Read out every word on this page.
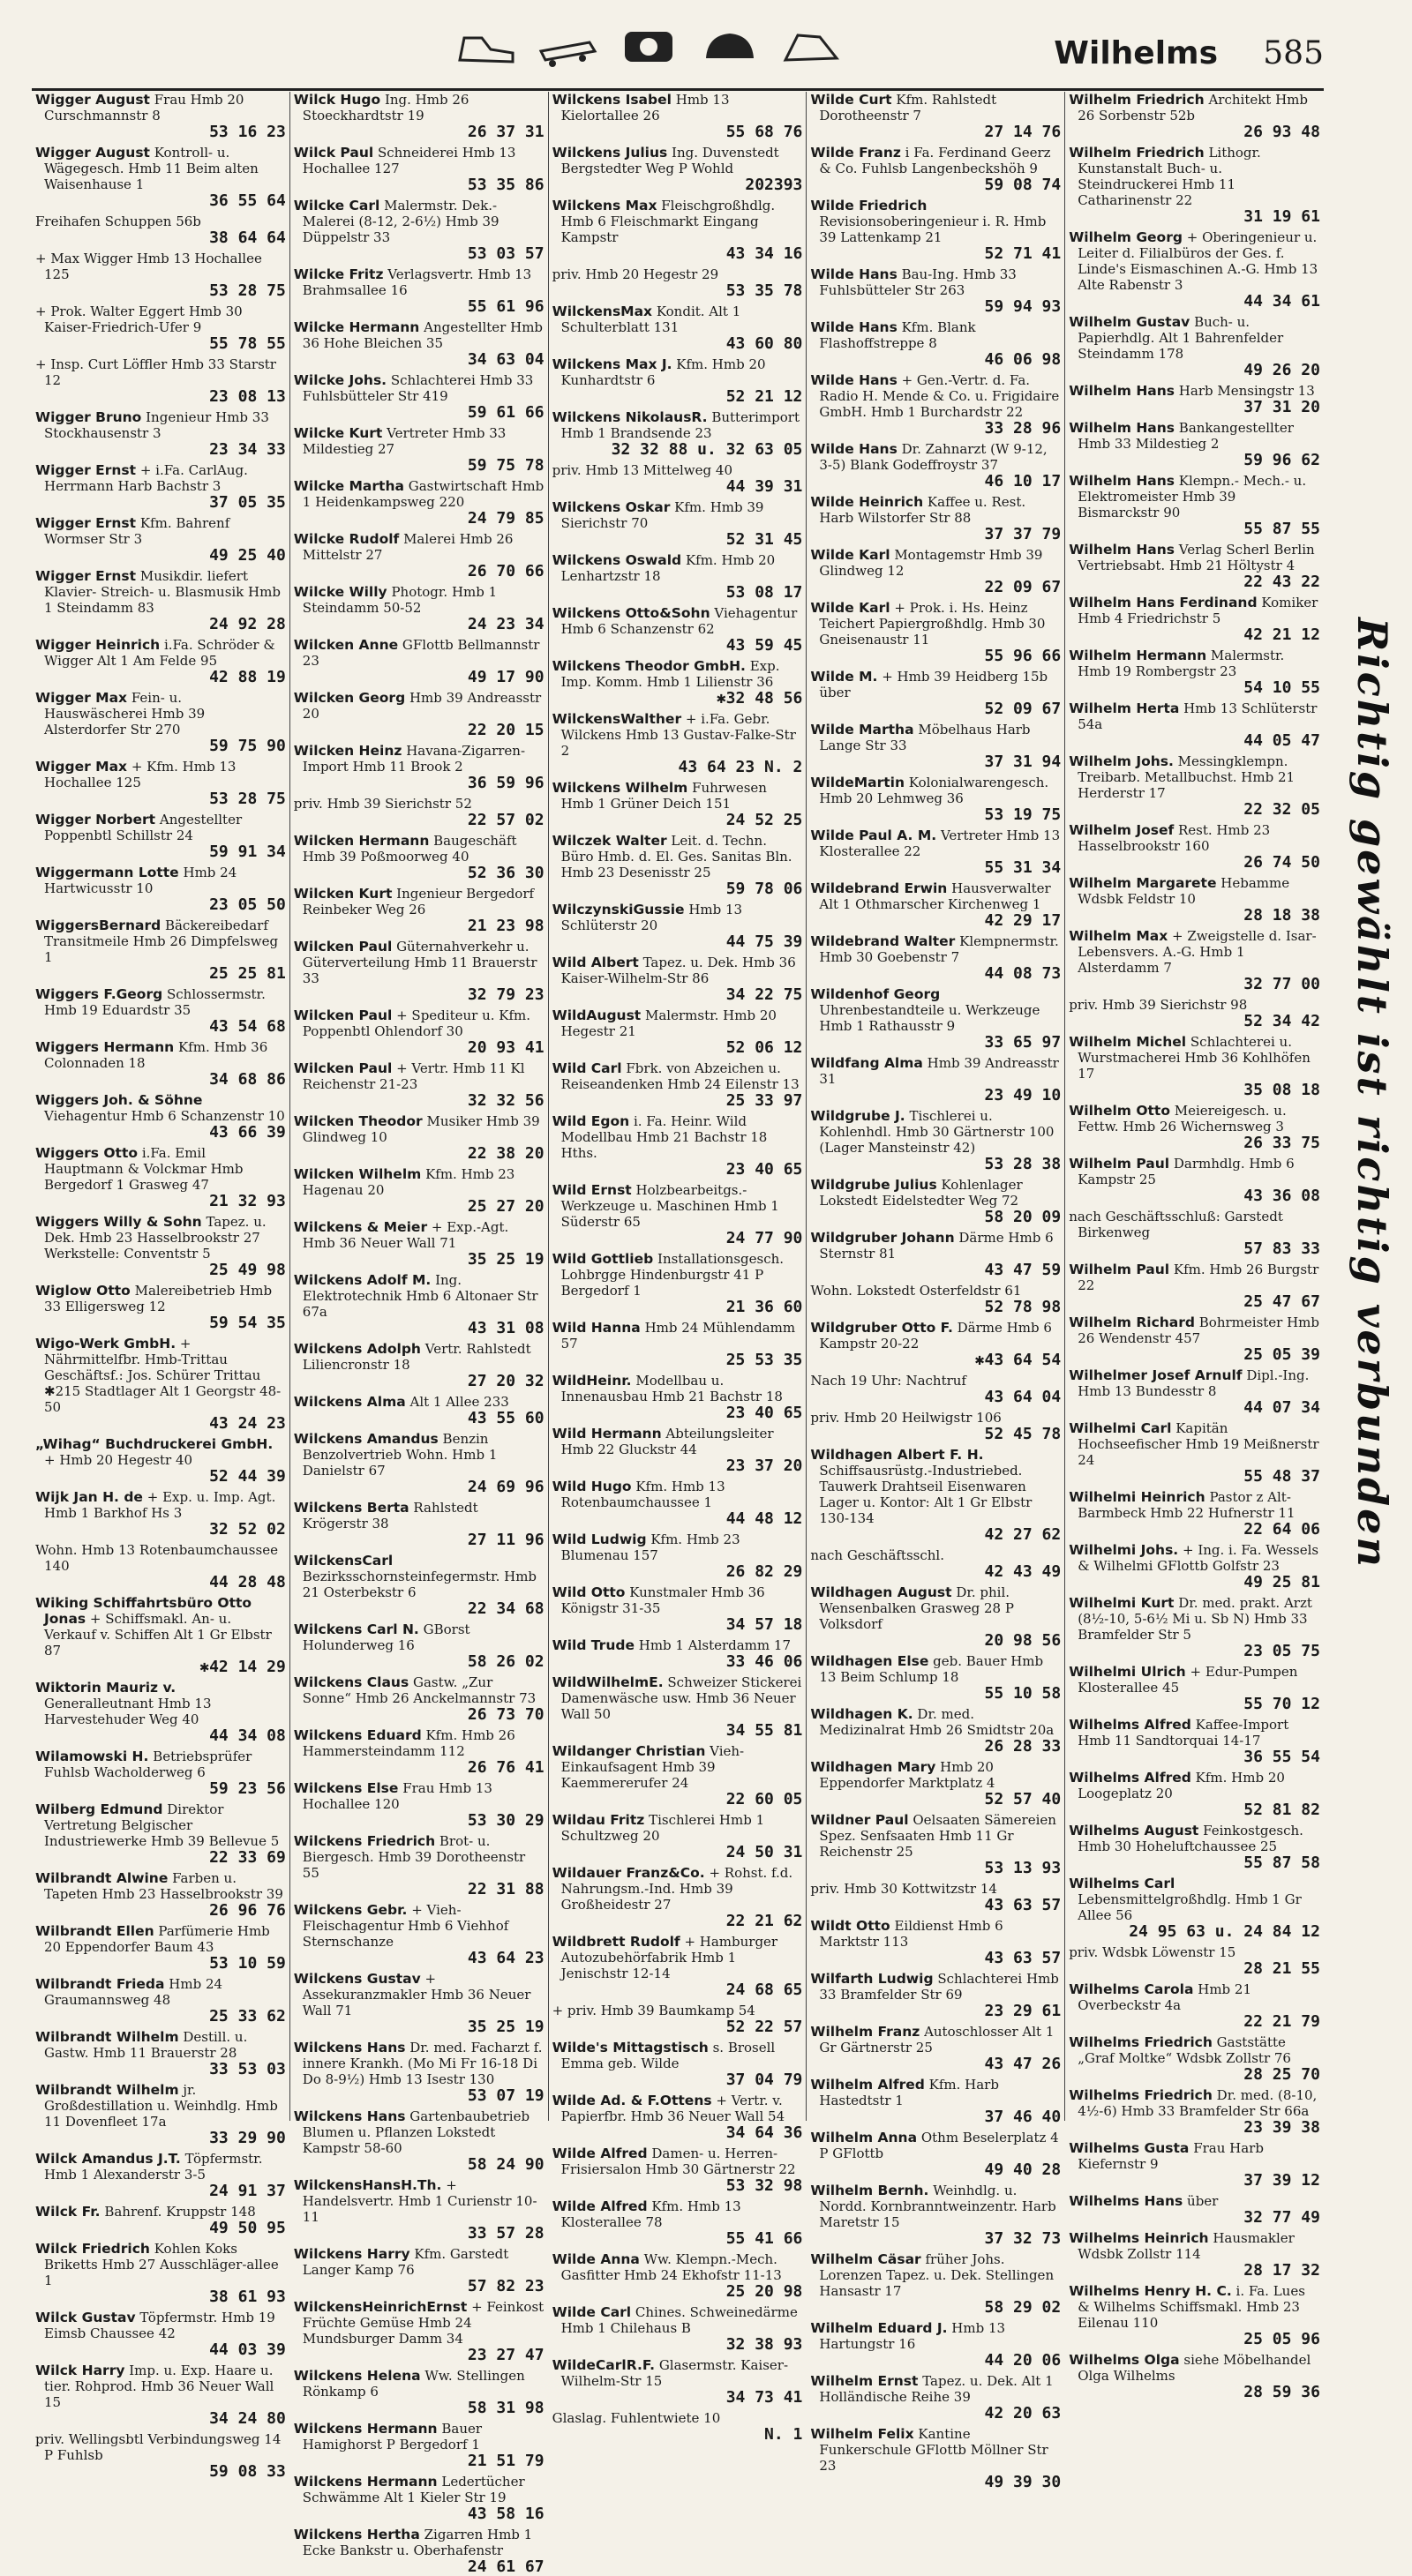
Wilhelms 585
Wigger August Frau Hmb 20 Curschmannstr 8
53 16 23
Wigger August Kontroll- u. Wägegesch. Hmb 11 Beim alten Waisenhause 1
36 55 64
Freihafen Schuppen 56b
38 64 64
+ Max Wigger Hmb 13 Hochallee 125
53 28 75
+ Prok. Walter Eggert Hmb 30 Kaiser-Friedrich-Ufer 9
55 78 55
+ Insp. Curt Löffler Hmb 33 Starstr 12
23 08 13
Wigger Bruno Ingenieur Hmb 33 Stockhausenstr 3
23 34 33
Wigger Ernst + i.Fa. CarlAug. Herrmann Harb Bachstr 3
37 05 35
Wigger Ernst Kfm. Bahrenf Wormser Str 3
49 25 40
Wigger Ernst Musikdir. liefert Klavier- Streich- u. Blasmusik Hmb 1 Steindamm 83
24 92 28
Wigger Heinrich i.Fa. Schröder & Wigger Alt 1 Am Felde 95
42 88 19
Wigger Max Fein- u. Hauswäscherei Hmb 39 Alsterdorfer Str 270
59 75 90
Wigger Max + Kfm. Hmb 13 Hochallee 125
53 28 75
Wigger Norbert Angestellter Poppenbtl Schillstr 24
59 91 34
Wiggermann Lotte Hmb 24 Hartwicusstr 10
23 05 50
WiggersBernard Bäckereibedarf Transitmeile Hmb 26 Dimpfelsweg 1
25 25 81
Wiggers F.Georg Schlossermstr. Hmb 19 Eduardstr 35
43 54 68
Wiggers Hermann Kfm. Hmb 36 Colonnaden 18
34 68 86
Wiggers Joh. & Söhne Viehagentur Hmb 6 Schanzenstr 10
43 66 39
Wiggers Otto i.Fa. Emil Hauptmann & Volckmar Hmb Bergedorf 1 Grasweg 47
21 32 93
Wiggers Willy & Sohn Tapez. u. Dek. Hmb 23 Hasselbrookstr 27 Werkstelle: Conventstr 5
25 49 98
Wiglow Otto Malereibetrieb Hmb 33 Elligersweg 12
59 54 35
Wigo-Werk GmbH. + Nährmittelfbr. Hmb-Trittau Geschäftsf.: Jos. Schürer Trittau ✱215 Stadtlager Alt 1 Georgstr 48-50
43 24 23
„Wihag“ Buchdruckerei GmbH. + Hmb 20 Hegestr 40
52 44 39
Wijk Jan H. de + Exp. u. Imp. Agt. Hmb 1 Barkhof Hs 3
32 52 02
Wohn. Hmb 13 Rotenbaumchaussee 140
44 28 48
Wiking Schiffahrtsbüro Otto Jonas + Schiffsmakl. An- u. Verkauf v. Schiffen Alt 1 Gr Elbstr 87
✱42 14 29
Wiktorin Mauriz v. Generalleutnant Hmb 13 Harvestehuder Weg 40
44 34 08
Wilamowski H. Betriebsprüfer Fuhlsb Wacholderweg 6
59 23 56
Wilberg Edmund Direktor Vertretung Belgischer Industriewerke Hmb 39 Bellevue 5
22 33 69
Wilbrandt Alwine Farben u. Tapeten Hmb 23 Hasselbrookstr 39
26 96 76
Wilbrandt Ellen Parfümerie Hmb 20 Eppendorfer Baum 43
53 10 59
Wilbrandt Frieda Hmb 24 Graumannsweg 48
25 33 62
Wilbrandt Wilhelm Destill. u. Gastw. Hmb 11 Brauerstr 28
33 53 03
Wilbrandt Wilhelm jr. Großdestillation u. Weinhdlg. Hmb 11 Dovenfleet 17a
33 29 90
Wilck Amandus J.T. Töpfermstr. Hmb 1 Alexanderstr 3-5
24 91 37
Wilck Fr. Bahrenf. Kruppstr 148
49 50 95
Wilck Friedrich Kohlen Koks Briketts Hmb 27 Ausschläger-allee 1
38 61 93
Wilck Gustav Töpfermstr. Hmb 19 Eimsb Chaussee 42
44 03 39
Wilck Harry Imp. u. Exp. Haare u. tier. Rohprod. Hmb 36 Neuer Wall 15
34 24 80
priv. Wellingsbtl Verbindungsweg 14 P Fuhlsb
59 08 33
Wilck Hugo Ing. Hmb 26 Stoeckhardtstr 19
26 37 31
Wilck Paul Schneiderei Hmb 13 Hochallee 127
53 35 86
Wilcke Carl Malermstr. Dek.-Malerei (8-12, 2-6½) Hmb 39 Düppelstr 33
53 03 57
Wilcke Fritz Verlagsvertr. Hmb 13 Brahmsallee 16
55 61 96
Wilcke Hermann Angestellter Hmb 36 Hohe Bleichen 35
34 63 04
Wilcke Johs. Schlachterei Hmb 33 Fuhlsbütteler Str 419
59 61 66
Wilcke Kurt Vertreter Hmb 33 Mildestieg 27
59 75 78
Wilcke Martha Gastwirtschaft Hmb 1 Heidenkampsweg 220
24 79 85
Wilcke Rudolf Malerei Hmb 26 Mittelstr 27
26 70 66
Wilcke Willy Photogr. Hmb 1 Steindamm 50-52
24 23 34
Wilcken Anne GFlottb Bellmannstr 23
49 17 90
Wilcken Georg Hmb 39 Andreasstr 20
22 20 15
Wilcken Heinz Havana-Zigarren-Import Hmb 11 Brook 2
36 59 96
priv. Hmb 39 Sierichstr 52
22 57 02
Wilcken Hermann Baugeschäft Hmb 39 Poßmoorweg 40
52 36 30
Wilcken Kurt Ingenieur Bergedorf Reinbeker Weg 26
21 23 98
Wilcken Paul Güternahverkehr u. Güterverteilung Hmb 11 Brauerstr 33
32 79 23
Wilcken Paul + Spediteur u. Kfm. Poppenbtl Ohlendorf 30
20 93 41
Wilcken Paul + Vertr. Hmb 11 Kl Reichenstr 21-23
32 32 56
Wilcken Theodor Musiker Hmb 39 Glindweg 10
22 38 20
Wilcken Wilhelm Kfm. Hmb 23 Hagenau 20
25 27 20
Wilckens & Meier + Exp.-Agt. Hmb 36 Neuer Wall 71
35 25 19
Wilckens Adolf M. Ing. Elektrotechnik Hmb 6 Altonaer Str 67a
43 31 08
Wilckens Adolph Vertr. Rahlstedt Liliencronstr 18
27 20 32
Wilckens Alma Alt 1 Allee 233
43 55 60
Wilckens Amandus Benzin Benzolvertrieb Wohn. Hmb 1 Danielstr 67
24 69 96
Wilckens Berta Rahlstedt Krögerstr 38
27 11 96
WilckensCarl Bezirksschornsteinfegermstr. Hmb 21 Osterbekstr 6
22 34 68
Wilckens Carl N. GBorst Holunderweg 16
58 26 02
Wilckens Claus Gastw. „Zur Sonne“ Hmb 26 Anckelmannstr 73
26 73 70
Wilckens Eduard Kfm. Hmb 26 Hammersteindamm 112
26 76 41
Wilckens Else Frau Hmb 13 Hochallee 120
53 30 29
Wilckens Friedrich Brot- u. Biergesch. Hmb 39 Dorotheenstr 55
22 31 88
Wilckens Gebr. + Vieh-Fleischagentur Hmb 6 Viehhof Sternschanze
43 64 23
Wilckens Gustav + Assekuranzmakler Hmb 36 Neuer Wall 71
35 25 19
Wilckens Hans Dr. med. Facharzt f. innere Krankh. (Mo Mi Fr 16-18 Di Do 8-9½) Hmb 13 Isestr 130
53 07 19
Wilckens Hans Gartenbaubetrieb Blumen u. Pflanzen Lokstedt Kampstr 58-60
58 24 90
WilckensHansH.Th. + Handelsvertr. Hmb 1 Curienstr 10-11
33 57 28
Wilckens Harry Kfm. Garstedt Langer Kamp 76
57 82 23
WilckensHeinrichErnst + Feinkost Früchte Gemüse Hmb 24 Mundsburger Damm 34
23 27 47
Wilckens Helena Ww. Stellingen Rönkamp 6
58 31 98
Wilckens Hermann Bauer Hamighorst P Bergedorf 1
21 51 79
Wilckens Hermann Ledertücher Schwämme Alt 1 Kieler Str 19
43 58 16
Wilckens Hertha Zigarren Hmb 1 Ecke Bankstr u. Oberhafenstr
24 61 67
Wilckens Isabel Hmb 13 Kielortallee 26
55 68 76
Wilckens Julius Ing. Duvenstedt Bergstedter Weg P Wohld
202393
Wilckens Max Fleischgroßhdlg. Hmb 6 Fleischmarkt Eingang Kampstr
43 34 16
priv. Hmb 20 Hegestr 29
53 35 78
WilckensMax Kondit. Alt 1 Schulterblatt 131
43 60 80
Wilckens Max J. Kfm. Hmb 20 Kunhardtstr 6
52 21 12
Wilckens NikolausR. Butterimport Hmb 1 Brandsende 23
32 32 88 u. 32 63 05
priv. Hmb 13 Mittelweg 40
44 39 31
Wilckens Oskar Kfm. Hmb 39 Sierichstr 70
52 31 45
Wilckens Oswald Kfm. Hmb 20 Lenhartzstr 18
53 08 17
Wilckens Otto&Sohn Viehagentur Hmb 6 Schanzenstr 62
43 59 45
Wilckens Theodor GmbH. Exp. Imp. Komm. Hmb 1 Lilienstr 36
✱32 48 56
WilckensWalther + i.Fa. Gebr. Wilckens Hmb 13 Gustav-Falke-Str 2
43 64 23 N. 2
Wilckens Wilhelm Fuhrwesen Hmb 1 Grüner Deich 151
24 52 25
Wilczek Walter Leit. d. Techn. Büro Hmb. d. El. Ges. Sanitas Bln. Hmb 23 Desenisstr 25
59 78 06
WilczynskiGussie Hmb 13 Schlüterstr 20
44 75 39
Wild Albert Tapez. u. Dek. Hmb 36 Kaiser-Wilhelm-Str 86
34 22 75
WildAugust Malermstr. Hmb 20 Hegestr 21
52 06 12
Wild Carl Fbrk. von Abzeichen u. Reiseandenken Hmb 24 Eilenstr 13
25 33 97
Wild Egon i. Fa. Heinr. Wild Modellbau Hmb 21 Bachstr 18 Hths.
23 40 65
Wild Ernst Holzbearbeitgs.-Werkzeuge u. Maschinen Hmb 1 Süderstr 65
24 77 90
Wild Gottlieb Installationsgesch. Lohbrgge Hindenburgstr 41 P Bergedorf 1
21 36 60
Wild Hanna Hmb 24 Mühlendamm 57
25 53 35
WildHeinr. Modellbau u. Innenausbau Hmb 21 Bachstr 18
23 40 65
Wild Hermann Abteilungsleiter Hmb 22 Gluckstr 44
23 37 20
Wild Hugo Kfm. Hmb 13 Rotenbaumchaussee 1
44 48 12
Wild Ludwig Kfm. Hmb 23 Blumenau 157
26 82 29
Wild Otto Kunstmaler Hmb 36 Königstr 31-35
34 57 18
Wild Trude Hmb 1 Alsterdamm 17
33 46 06
WildWilhelmE. Schweizer Stickerei Damenwäsche usw. Hmb 36 Neuer Wall 50
34 55 81
Wildanger Christian Vieh-Einkaufsagent Hmb 39 Kaemmererufer 24
22 60 05
Wildau Fritz Tischlerei Hmb 1 Schultzweg 20
24 50 31
Wildauer Franz&Co. + Rohst. f.d. Nahrungsm.-Ind. Hmb 39 Großheidestr 27
22 21 62
Wildbrett Rudolf + Hamburger Autozubehörfabrik Hmb 1 Jenischstr 12-14
24 68 65
+ priv. Hmb 39 Baumkamp 54
52 22 57
Wilde's Mittagstisch s. Brosell Emma geb. Wilde
37 04 79
Wilde Ad. & F.Ottens + Vertr. v. Papierfbr. Hmb 36 Neuer Wall 54
34 64 36
Wilde Alfred Damen- u. Herren-Frisiersalon Hmb 30 Gärtnerstr 22
53 32 98
Wilde Alfred Kfm. Hmb 13 Klosterallee 78
55 41 66
Wilde Anna Ww. Klempn.-Mech. Gasfitter Hmb 24 Ekhofstr 11-13
25 20 98
Wilde Carl Chines. Schweinedärme Hmb 1 Chilehaus B
32 38 93
WildeCarlR.F. Glasermstr. Kaiser-Wilhelm-Str 15
34 73 41
Glaslag. Fuhlentwiete 10
N. 1
Wilde Curt Kfm. Rahlstedt Dorotheenstr 7
27 14 76
Wilde Franz i Fa. Ferdinand Geerz & Co. Fuhlsb Langenbeckshöh 9
59 08 74
Wilde Friedrich Revisionsoberingenieur i. R. Hmb 39 Lattenkamp 21
52 71 41
Wilde Hans Bau-Ing. Hmb 33 Fuhlsbütteler Str 263
59 94 93
Wilde Hans Kfm. Blank Flashoffstreppe 8
46 06 98
Wilde Hans + Gen.-Vertr. d. Fa. Radio H. Mende & Co. u. Frigidaire GmbH. Hmb 1 Burchardstr 22
33 28 96
Wilde Hans Dr. Zahnarzt (W 9-12, 3-5) Blank Godeffroystr 37
46 10 17
Wilde Heinrich Kaffee u. Rest. Harb Wilstorfer Str 88
37 37 79
Wilde Karl Montagemstr Hmb 39 Glindweg 12
22 09 67
Wilde Karl + Prok. i. Hs. Heinz Teichert Papiergroßhdlg. Hmb 30 Gneisenaustr 11
55 96 66
Wilde M. + Hmb 39 Heidberg 15b über
52 09 67
Wilde Martha Möbelhaus Harb Lange Str 33
37 31 94
WildeMartin Kolonialwarengesch. Hmb 20 Lehmweg 36
53 19 75
Wilde Paul A. M. Vertreter Hmb 13 Klosterallee 22
55 31 34
Wildebrand Erwin Hausverwalter Alt 1 Othmarscher Kirchenweg 1
42 29 17
Wildebrand Walter Klempnermstr. Hmb 30 Goebenstr 7
44 08 73
Wildenhof Georg Uhrenbestandteile u. Werkzeuge Hmb 1 Rathausstr 9
33 65 97
Wildfang Alma Hmb 39 Andreasstr 31
23 49 10
Wildgrube J. Tischlerei u. Kohlenhdl. Hmb 30 Gärtnerstr 100 (Lager Mansteinstr 42)
53 28 38
Wildgrube Julius Kohlenlager Lokstedt Eidelstedter Weg 72
58 20 09
Wildgruber Johann Därme Hmb 6 Sternstr 81
43 47 59
Wohn. Lokstedt Osterfeldstr 61
52 78 98
Wildgruber Otto F. Därme Hmb 6 Kampstr 20-22
✱43 64 54
Nach 19 Uhr: Nachtruf
43 64 04
priv. Hmb 20 Heilwigstr 106
52 45 78
Wildhagen Albert F. H. Schiffsausrüstg.-Industriebed. Tauwerk Drahtseil Eisenwaren Lager u. Kontor: Alt 1 Gr Elbstr 130-134
42 27 62
nach Geschäftsschl.
42 43 49
Wildhagen August Dr. phil. Wensenbalken Grasweg 28 P Volksdorf
20 98 56
Wildhagen Else geb. Bauer Hmb 13 Beim Schlump 18
55 10 58
Wildhagen K. Dr. med. Medizinalrat Hmb 26 Smidtstr 20a
26 28 33
Wildhagen Mary Hmb 20 Eppendorfer Marktplatz 4
52 57 40
Wildner Paul Oelsaaten Sämereien Spez. Senfsaaten Hmb 11 Gr Reichenstr 25
53 13 93
priv. Hmb 30 Kottwitzstr 14
43 63 57
Wildt Otto Eildienst Hmb 6 Marktstr 113
43 63 57
Wilfarth Ludwig Schlachterei Hmb 33 Bramfelder Str 69
23 29 61
Wilhelm Franz Autoschlosser Alt 1 Gr Gärtnerstr 25
43 47 26
Wilhelm Alfred Kfm. Harb Hastedtstr 1
37 46 40
Wilhelm Anna Othm Beselerplatz 4 P GFlottb
49 40 28
Wilhelm Bernh. Weinhdlg. u. Nordd. Kornbranntweinzentr. Harb Maretstr 15
37 32 73
Wilhelm Cäsar früher Johs. Lorenzen Tapez. u. Dek. Stellingen Hansastr 17
58 29 02
Wilhelm Eduard J. Hmb 13 Hartungstr 16
44 20 06
Wilhelm Ernst Tapez. u. Dek. Alt 1 Holländische Reihe 39
42 20 63
Wilhelm Felix Kantine Funkerschule GFlottb Möllner Str 23
49 39 30
Wilhelm Friedrich Architekt Hmb 26 Sorbenstr 52b
26 93 48
Wilhelm Friedrich Lithogr. Kunstanstalt Buch- u. Steindruckerei Hmb 11 Catharinenstr 22
31 19 61
Wilhelm Georg + Oberingenieur u. Leiter d. Filialbüros der Ges. f. Linde's Eismaschinen A.-G. Hmb 13 Alte Rabenstr 3
44 34 61
Wilhelm Gustav Buch- u. Papierhdlg. Alt 1 Bahrenfelder Steindamm 178
49 26 20
Wilhelm Hans Harb Mensingstr 13
37 31 20
Wilhelm Hans Bankangestellter Hmb 33 Mildestieg 2
59 96 62
Wilhelm Hans Klempn.- Mech.- u. Elektromeister Hmb 39 Bismarckstr 90
55 87 55
Wilhelm Hans Verlag Scherl Berlin Vertriebsabt. Hmb 21 Höltystr 4
22 43 22
Wilhelm Hans Ferdinand Komiker Hmb 4 Friedrichstr 5
42 21 12
Wilhelm Hermann Malermstr. Hmb 19 Rombergstr 23
54 10 55
Wilhelm Herta Hmb 13 Schlüterstr 54a
44 05 47
Wilhelm Johs. Messingklempn. Treibarb. Metallbuchst. Hmb 21 Herderstr 17
22 32 05
Wilhelm Josef Rest. Hmb 23 Hasselbrookstr 160
26 74 50
Wilhelm Margarete Hebamme Wdsbk Feldstr 10
28 18 38
Wilhelm Max + Zweigstelle d. Isar-Lebensvers. A.-G. Hmb 1 Alsterdamm 7
32 77 00
priv. Hmb 39 Sierichstr 98
52 34 42
Wilhelm Michel Schlachterei u. Wurstmacherei Hmb 36 Kohlhöfen 17
35 08 18
Wilhelm Otto Meiereigesch. u. Fettw. Hmb 26 Wichernsweg 3
26 33 75
Wilhelm Paul Darmhdlg. Hmb 6 Kampstr 25
43 36 08
nach Geschäftsschluß: Garstedt Birkenweg
57 83 33
Wilhelm Paul Kfm. Hmb 26 Burgstr 22
25 47 67
Wilhelm Richard Bohrmeister Hmb 26 Wendenstr 457
25 05 39
Wilhelmer Josef Arnulf Dipl.-Ing. Hmb 13 Bundesstr 8
44 07 34
Wilhelmi Carl Kapitän Hochseefischer Hmb 19 Meißnerstr 24
55 48 37
Wilhelmi Heinrich Pastor z Alt-Barmbeck Hmb 22 Hufnerstr 11
22 64 06
Wilhelmi Johs. + Ing. i. Fa. Wessels & Wilhelmi GFlottb Golfstr 23
49 25 81
Wilhelmi Kurt Dr. med. prakt. Arzt (8½-10, 5-6½ Mi u. Sb N) Hmb 33 Bramfelder Str 5
23 05 75
Wilhelmi Ulrich + Edur-Pumpen Klosterallee 45
55 70 12
Wilhelms Alfred Kaffee-Import Hmb 11 Sandtorquai 14-17
36 55 54
Wilhelms Alfred Kfm. Hmb 20 Loogeplatz 20
52 81 82
Wilhelms August Feinkostgesch. Hmb 30 Hoheluftchaussee 25
55 87 58
Wilhelms Carl Lebensmittelgroßhdlg. Hmb 1 Gr Allee 56
24 95 63 u. 24 84 12
priv. Wdsbk Löwenstr 15
28 21 55
Wilhelms Carola Hmb 21 Overbeckstr 4a
22 21 79
Wilhelms Friedrich Gaststätte „Graf Moltke“ Wdsbk Zollstr 76
28 25 70
Wilhelms Friedrich Dr. med. (8-10, 4½-6) Hmb 33 Bramfelder Str 66a
23 39 38
Wilhelms Gusta Frau Harb Kiefernstr 9
37 39 12
Wilhelms Hans über
32 77 49
Wilhelms Heinrich Hausmakler Wdsbk Zollstr 114
28 17 32
Wilhelms Henry H. C. i. Fa. Lues & Wilhelms Schiffsmakl. Hmb 23 Eilenau 110
25 05 96
Wilhelms Olga siehe Möbelhandel Olga Wilhelms
28 59 36
Richtig gewählt ist richtig verbunden
